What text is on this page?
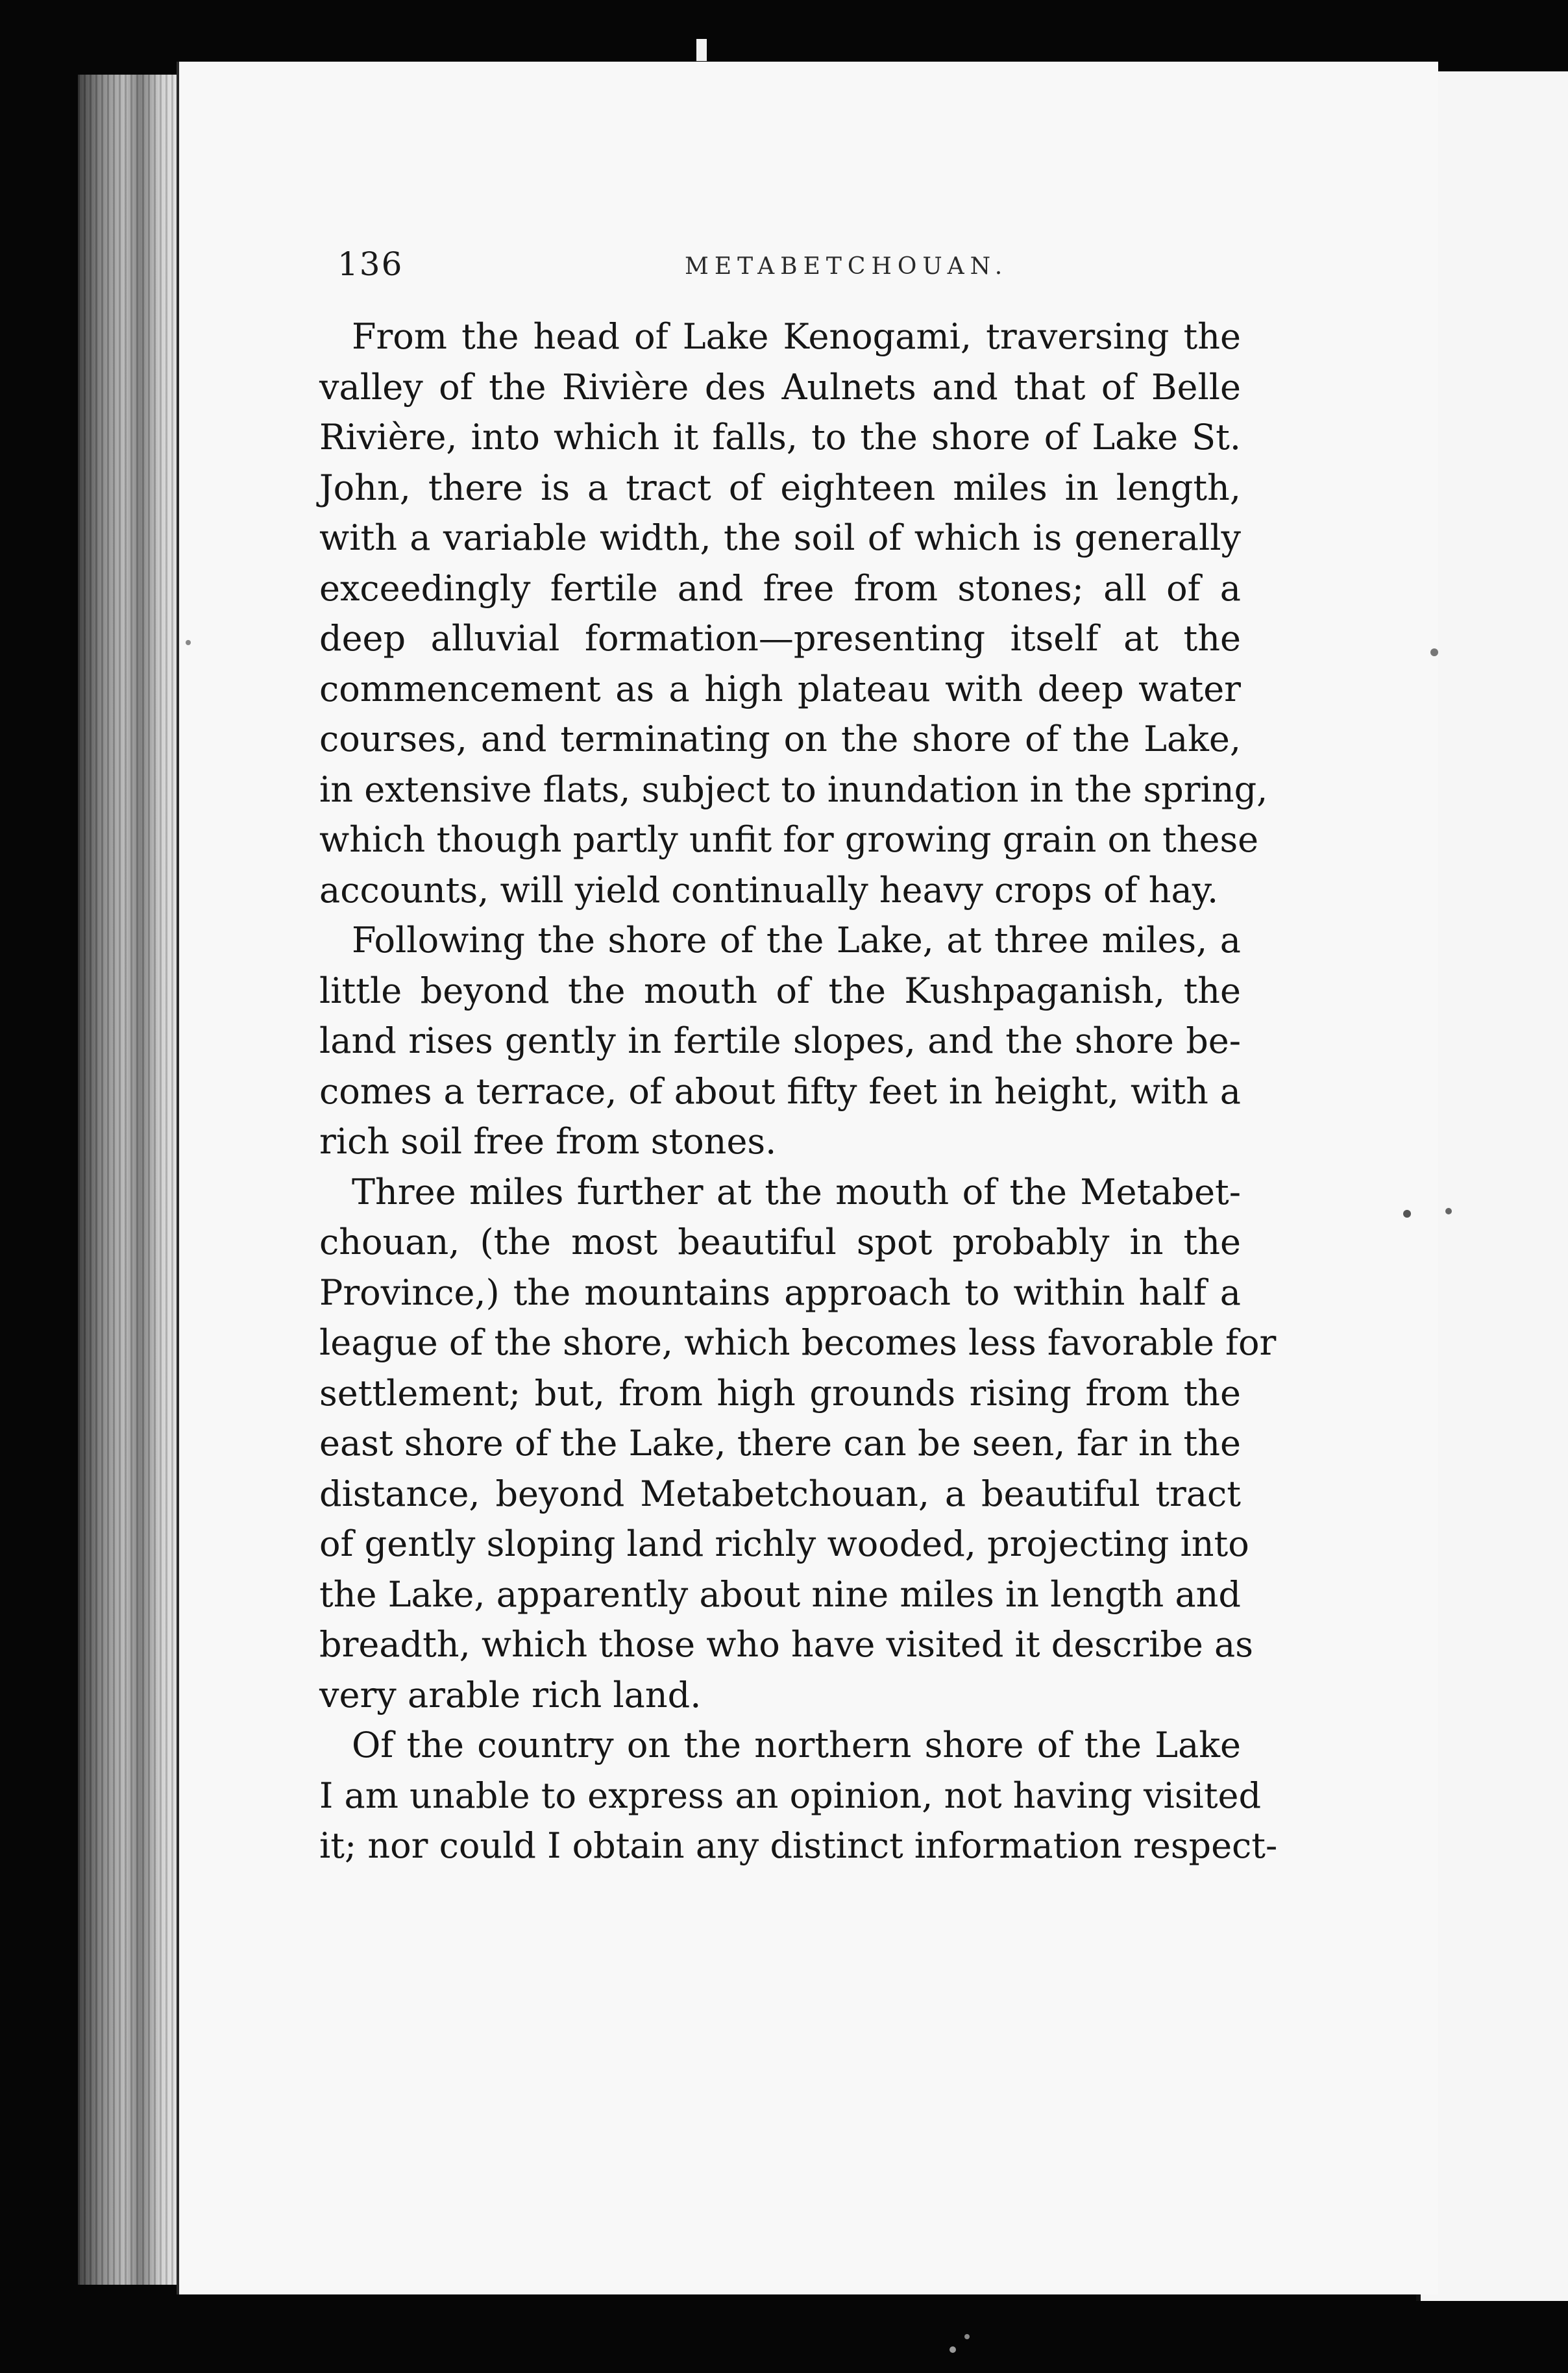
136	METABETCHOUAN.
From the head of Lake Kenogami, traversing the
valley of the Rivière des Aulnets and that of Belle
Rivière, into which it falls, to the shore of Lake St.
John, there is a tract of eighteen miles in length,
with a variable width, the soil of which is generally
exceedingly fertile and free from stones; all of a
deep alluvial formation—presenting itself at the
commencement as a high plateau with deep water
courses, and terminating on the shore of the Lake,
in extensive flats, subject to inundation in the spring,
which though partly unfit for growing grain on these
accounts, will yield continually heavy crops of hay.
Following the shore of the Lake, at three miles, a
little beyond the mouth of the Kushpaganish, the
land rises gently in fertile slopes, and the shore be-
comes a terrace, of about fifty feet in height, with a
rich soil free from stones.
Three miles further at the mouth of the Metabet-
chouan, (the most beautiful spot probably in the
Province,) the mountains approach to within half a
league of the shore, which becomes less favorable for
settlement; but, from high grounds rising from the
east shore of the Lake, there can be seen, far in the
distance, beyond Metabetchouan, a beautiful tract
of gently sloping land richly wooded, projecting into
the Lake, apparently about nine miles in length and
breadth, which those who have visited it describe as
very arable rich land.
Of the country on the northern shore of the Lake
I am unable to express an opinion, not having visited
it; nor could I obtain any distinct information respect-
